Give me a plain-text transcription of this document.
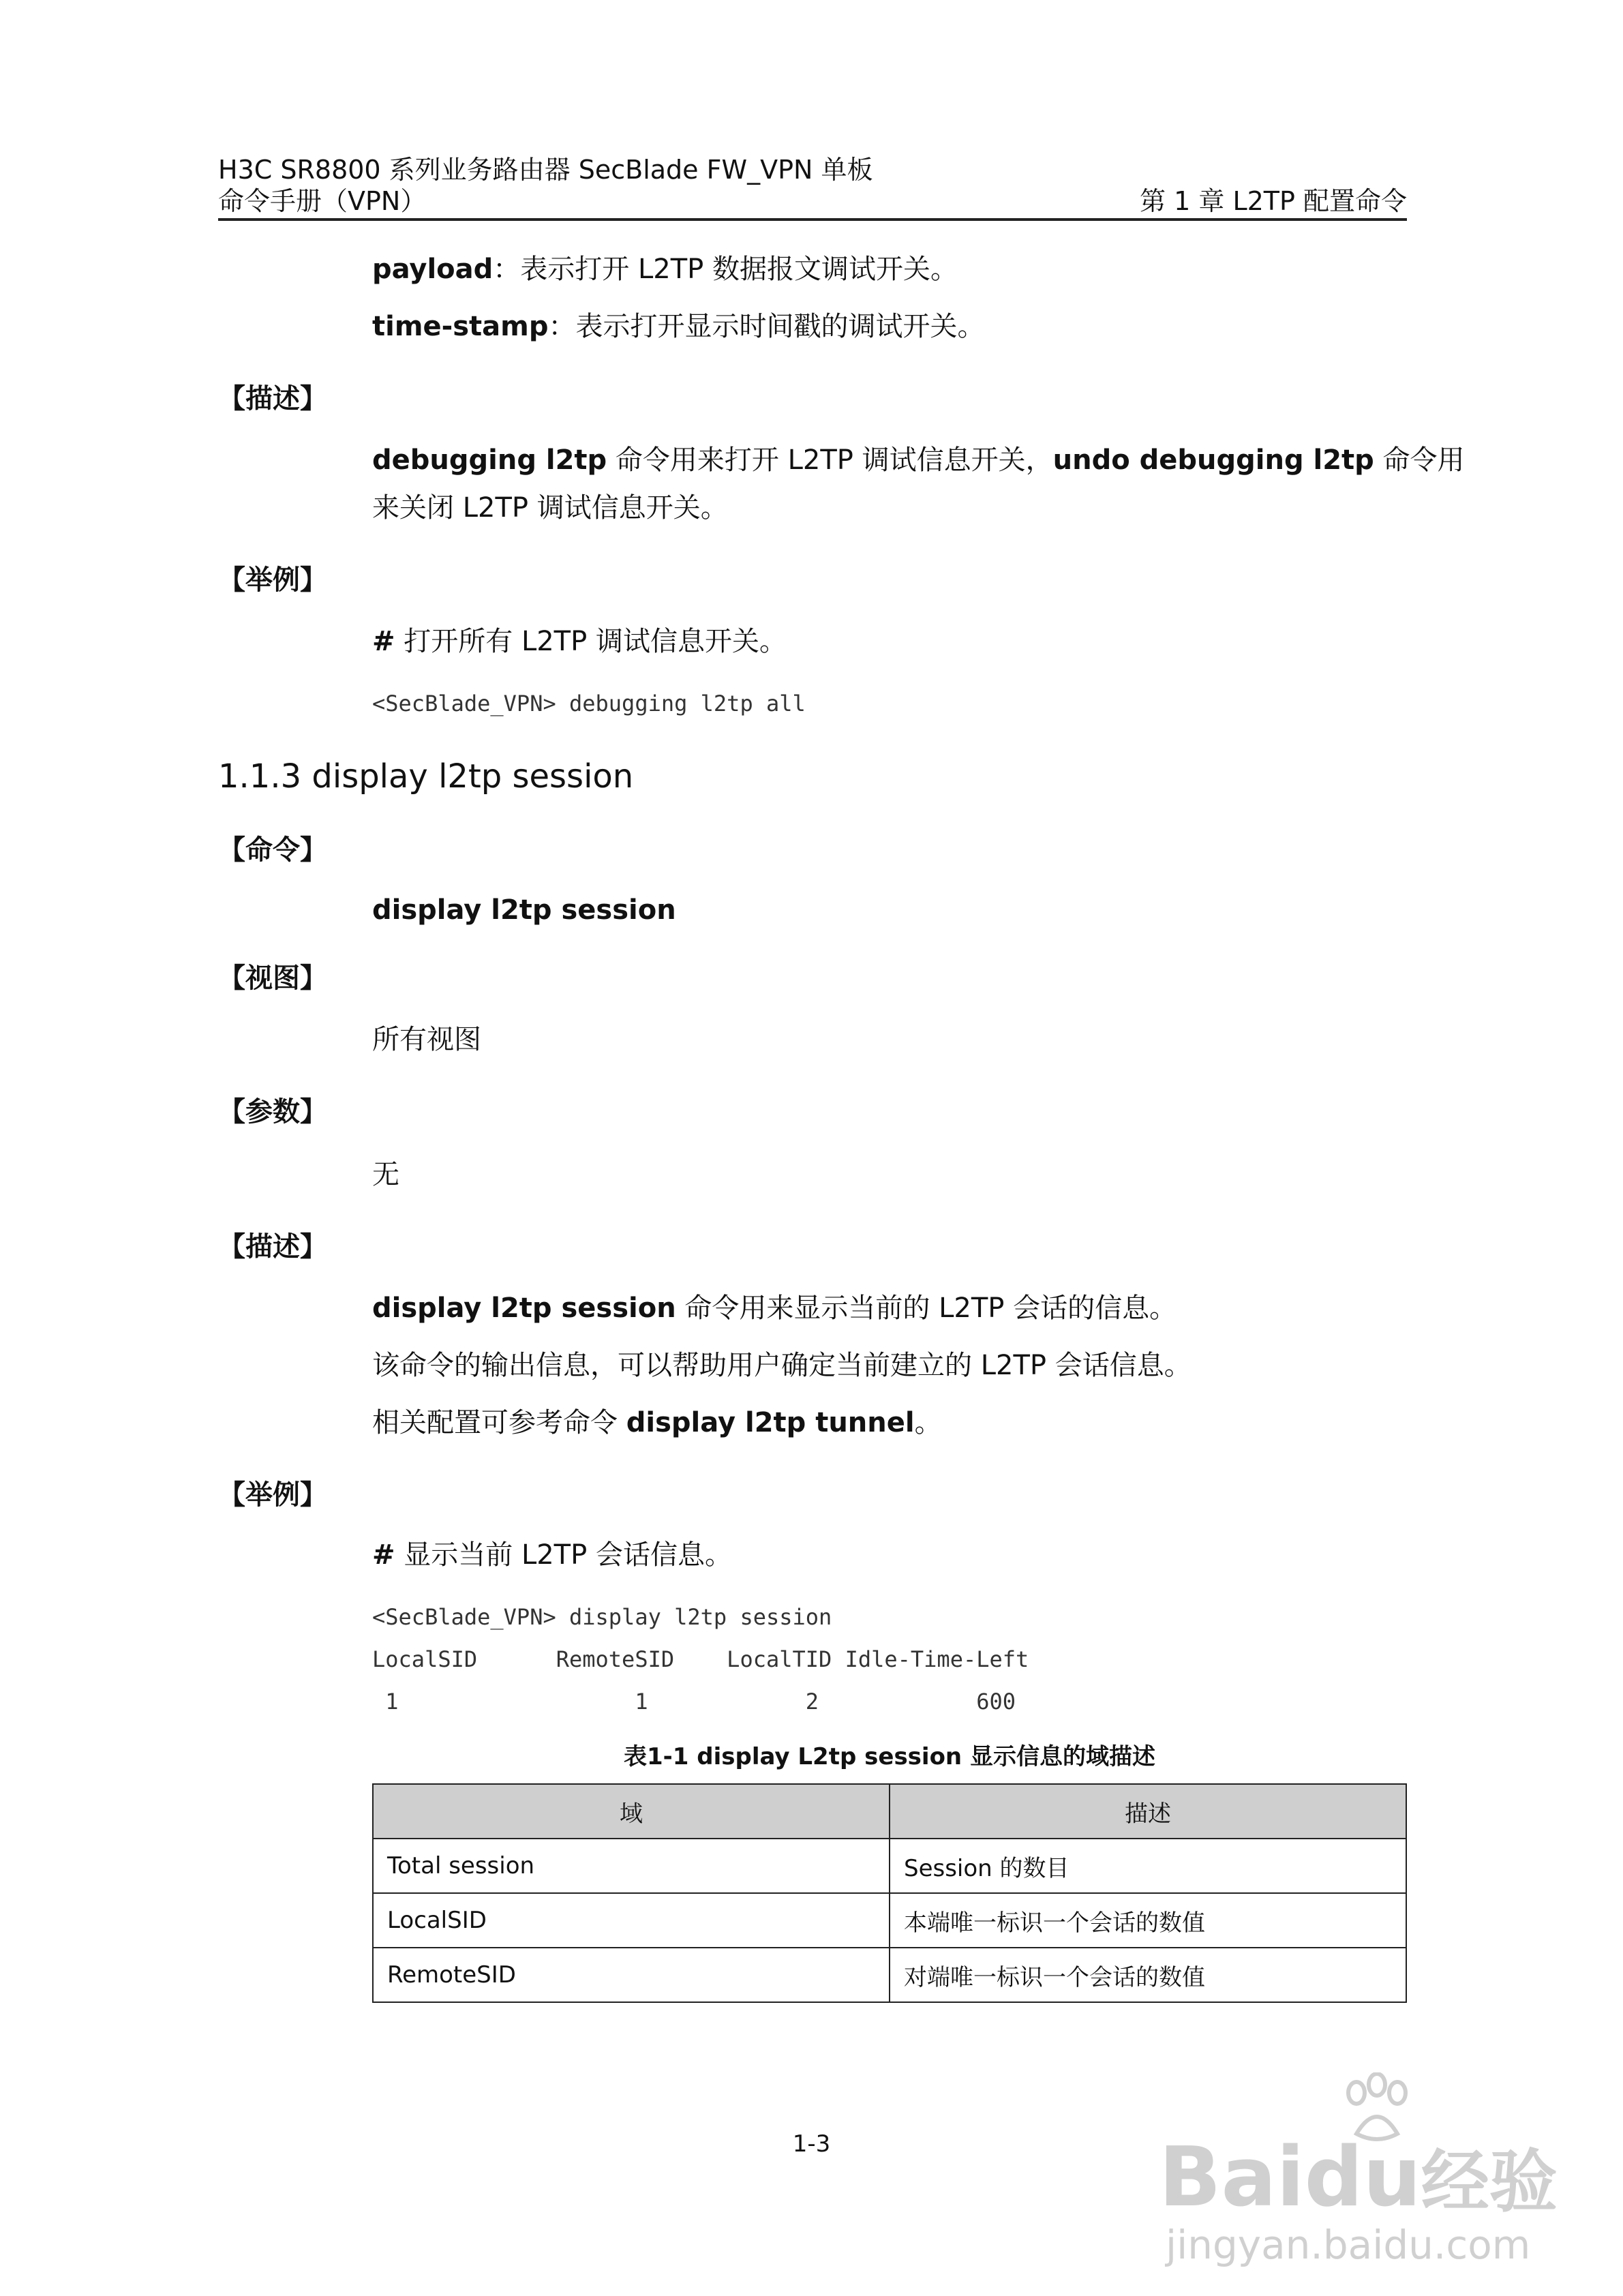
H3C SR8800 系列业务路由器 SecBlade FW_VPN 单板
命令手册（VPN）	第 1 章 L2TP 配置命令
payload：表示打开 L2TP 数据报文调试开关。
time-stamp：表示打开显示时间戳的调试开关。
【描述】
debugging l2tp 命令用来打开 L2TP 调试信息开关，undo debugging l2tp 命令用
来关闭 L2TP 调试信息开关。
【举例】
# 打开所有 L2TP 调试信息开关。
<SecBlade_VPN> debugging l2tp all
1.1.3 display l2tp session
【命令】
display l2tp session
【视图】
所有视图
【参数】
无
【描述】
display l2tp session 命令用来显示当前的 L2TP 会话的信息。
该命令的输出信息，可以帮助用户确定当前建立的 L2TP 会话信息。
相关配置可参考命令 display l2tp tunnel。
【举例】
# 显示当前 L2TP 会话信息。
<SecBlade_VPN> display l2tp session
LocalSID      RemoteSID    LocalTID Idle-Time-Left
1                  1            2            600
表1-1 display L2tp session 显示信息的域描述
域	描述
Total session	Session 的数目
LocalSID	本端唯一标识一个会话的数值
RemoteSID	对端唯一标识一个会话的数值
1-3	Baidu经验
jingyan.baidu.com
